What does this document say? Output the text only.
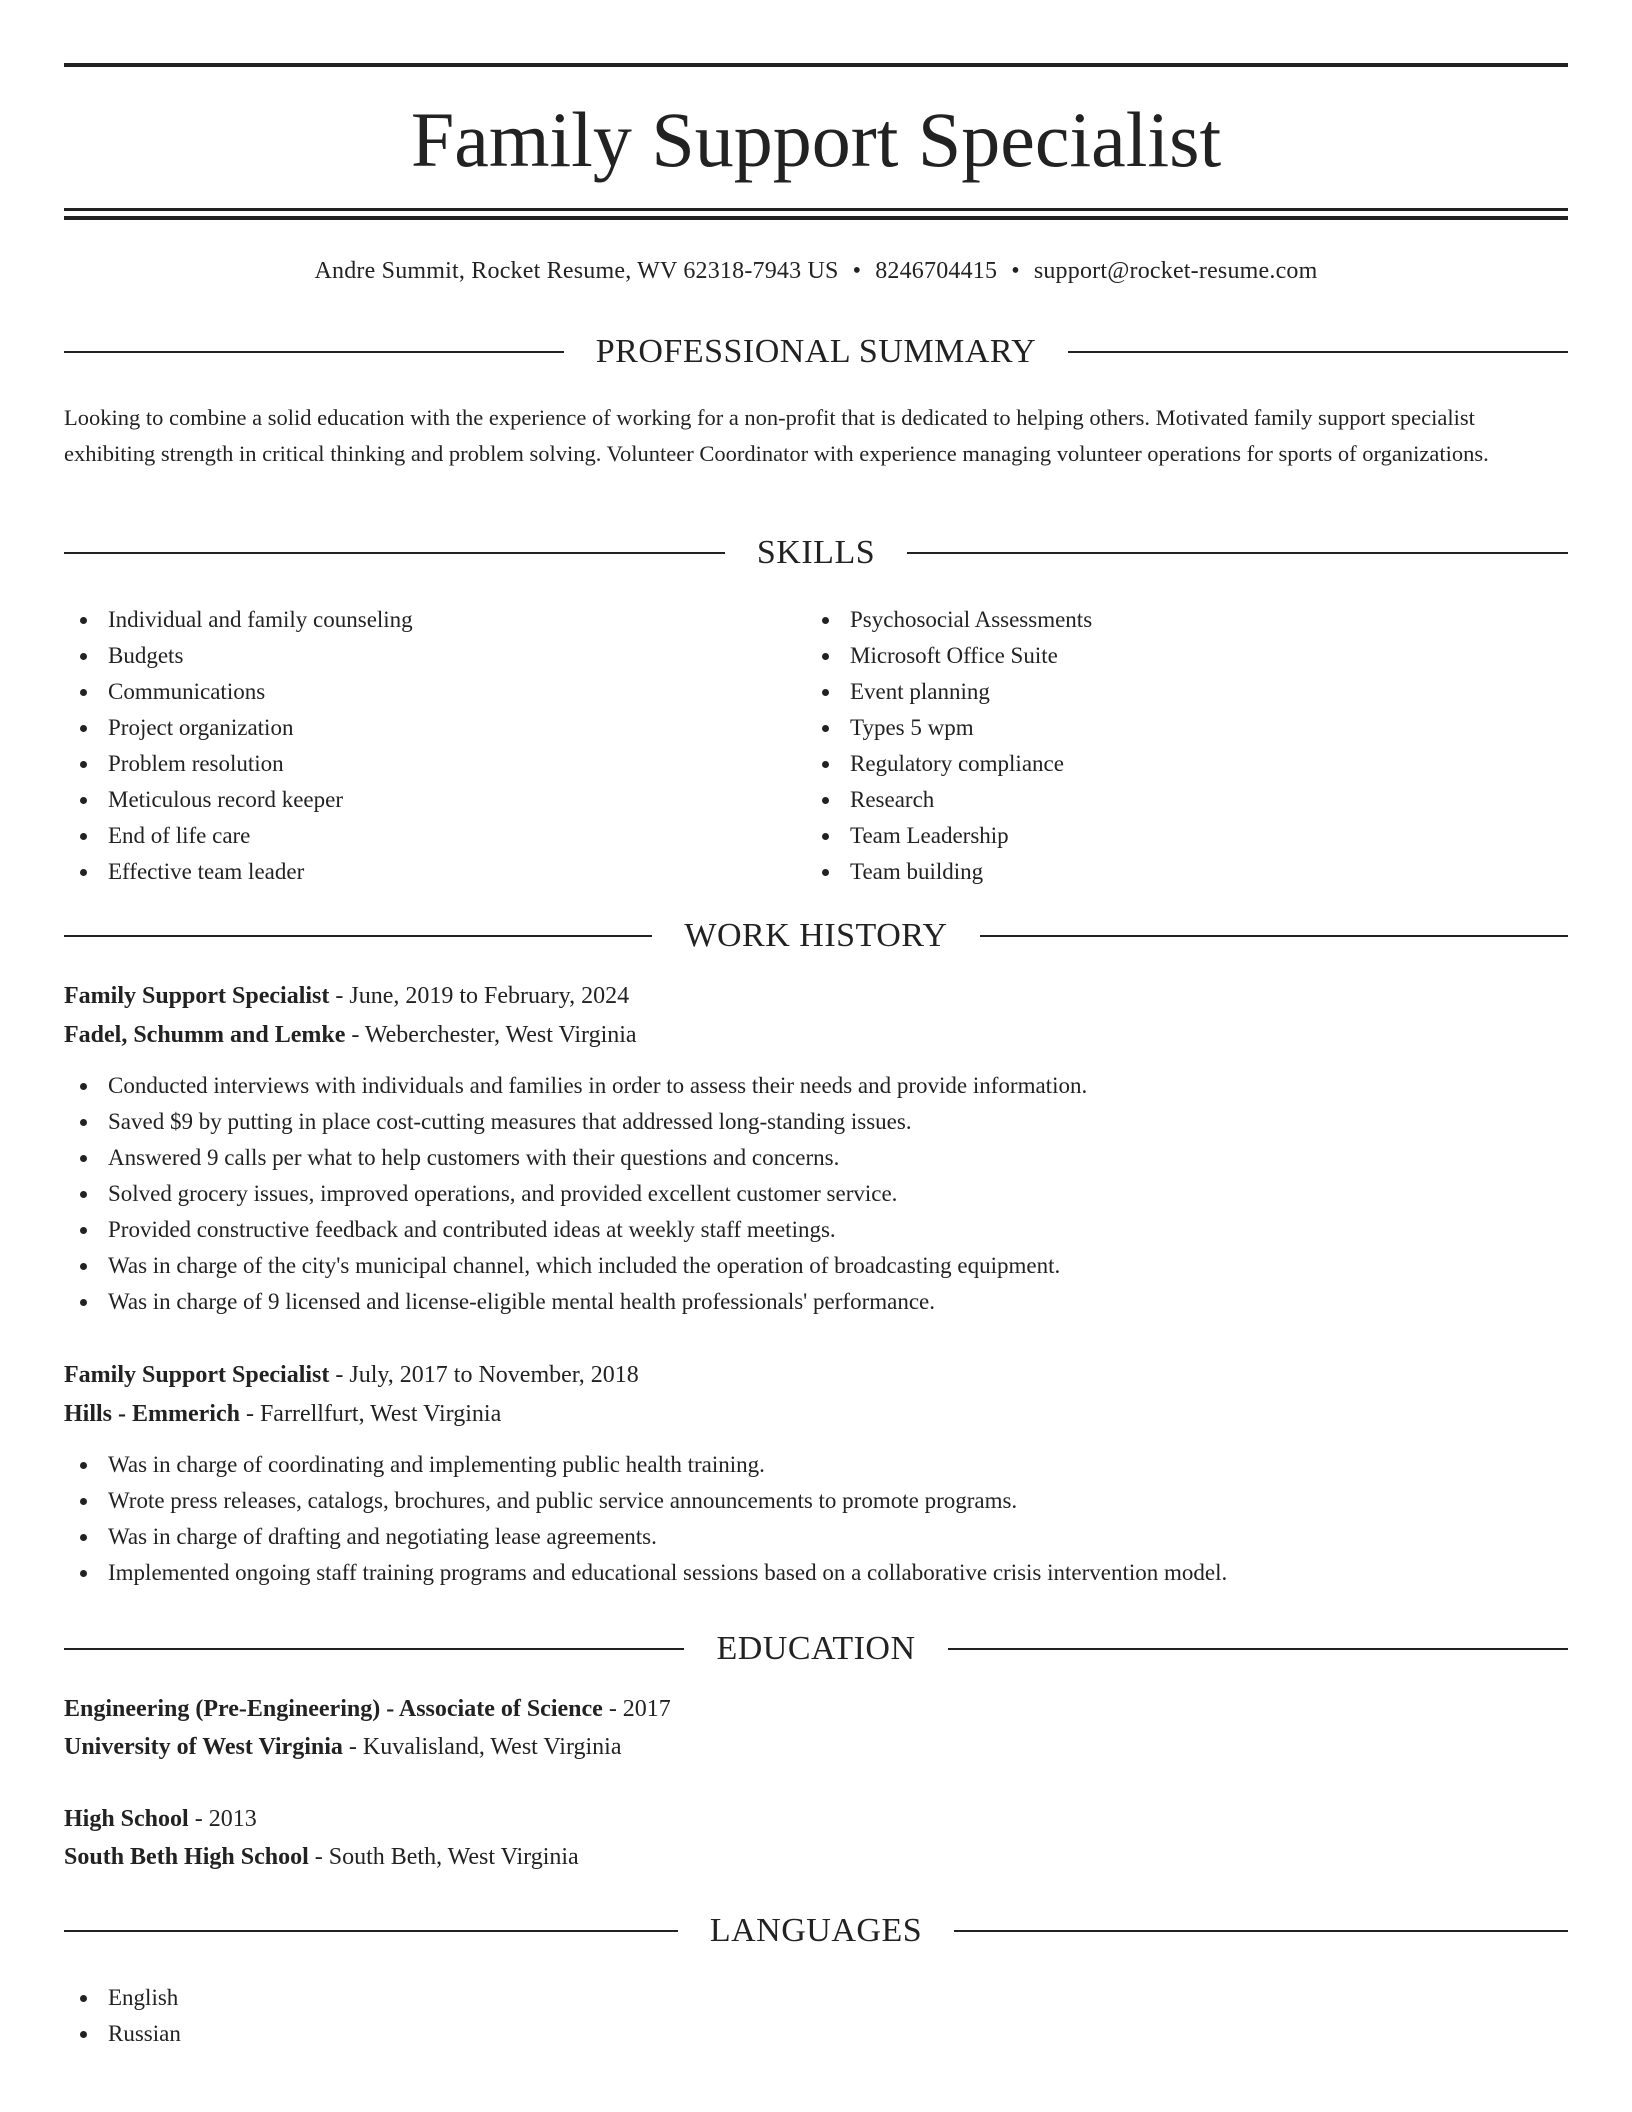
Family Support Specialist
Andre Summit, Rocket Resume, WV 62318-7943 US • 8246704415 • support@rocket-resume.com
PROFESSIONAL SUMMARY

Looking to combine a solid education with the experience of working for a non-profit that is dedicated to helping others. Motivated family support specialist exhibiting strength in critical thinking and problem solving. Volunteer Coordinator with experience managing volunteer operations for sports of organizations.

SKILLS
Individual and family counseling
Budgets
Communications
Project organization
Problem resolution
Meticulous record keeper
End of life care
Effective team leader
Psychosocial Assessments
Microsoft Office Suite
Event planning
Types 5 wpm
Regulatory compliance
Research
Team Leadership
Team building
WORK HISTORY
Family Support Specialist - June, 2019 to February, 2024
Fadel, Schumm and Lemke - Weberchester, West Virginia
Conducted interviews with individuals and families in order to assess their needs and provide information.
Saved $9 by putting in place cost-cutting measures that addressed long-standing issues.
Answered 9 calls per what to help customers with their questions and concerns.
Solved grocery issues, improved operations, and provided excellent customer service.
Provided constructive feedback and contributed ideas at weekly staff meetings.
Was in charge of the city's municipal channel, which included the operation of broadcasting equipment.
Was in charge of 9 licensed and license-eligible mental health professionals' performance.
Family Support Specialist - July, 2017 to November, 2018
Hills - Emmerich - Farrellfurt, West Virginia
Was in charge of coordinating and implementing public health training.
Wrote press releases, catalogs, brochures, and public service announcements to promote programs.
Was in charge of drafting and negotiating lease agreements.
Implemented ongoing staff training programs and educational sessions based on a collaborative crisis intervention model.
EDUCATION
Engineering (Pre-Engineering) - Associate of Science - 2017
University of West Virginia - Kuvalisland, West Virginia
High School - 2013
South Beth High School - South Beth, West Virginia
LANGUAGES
English
Russian
